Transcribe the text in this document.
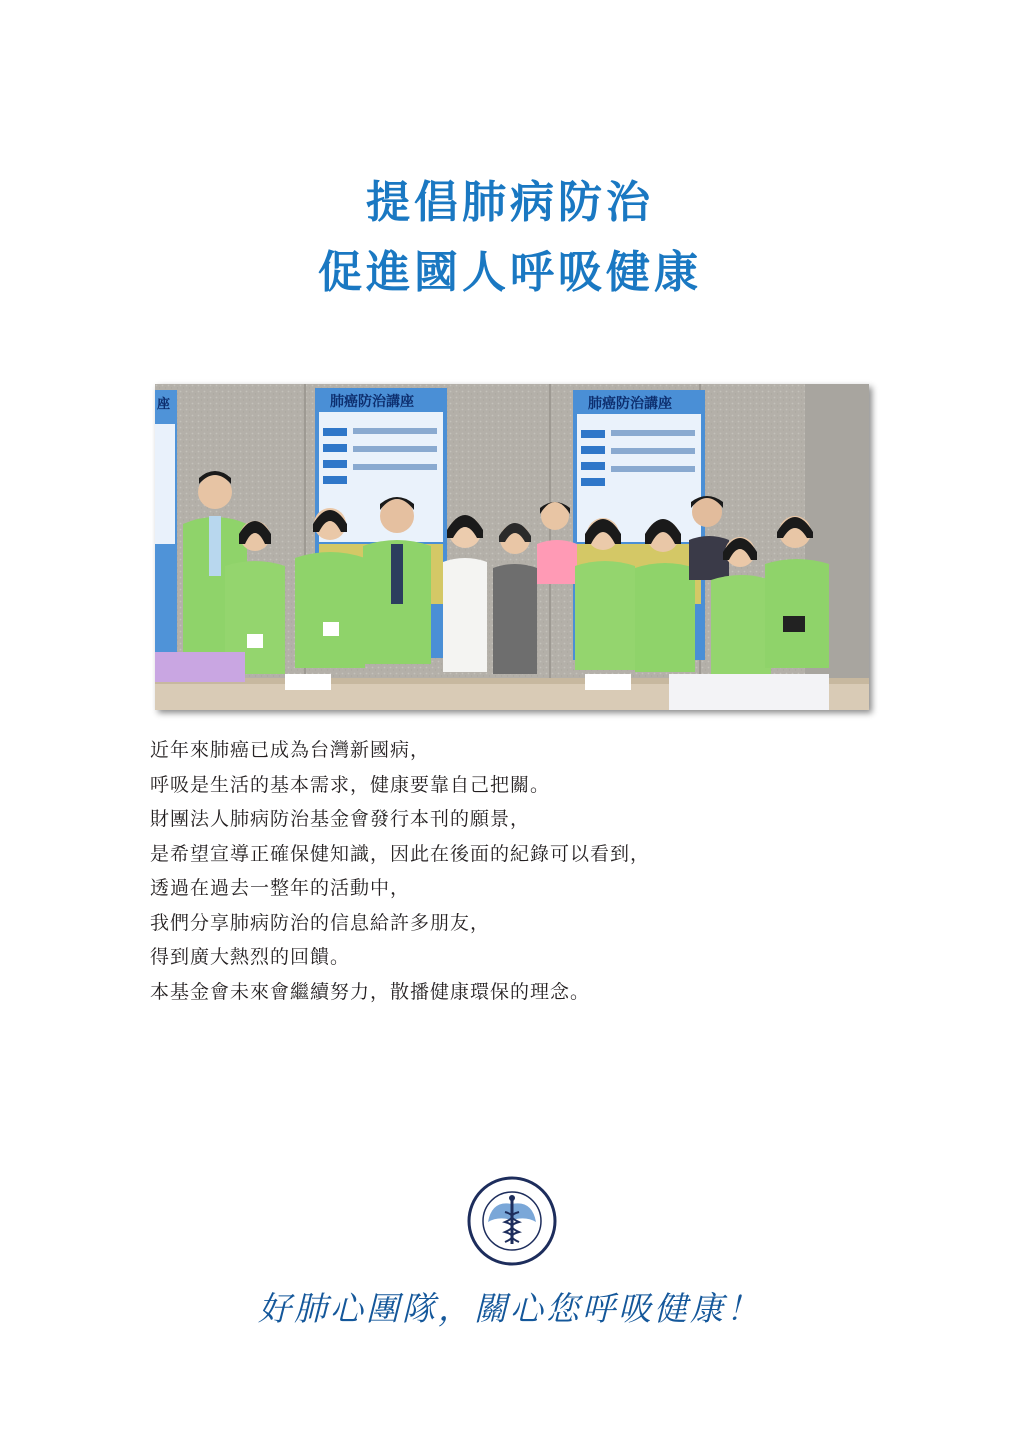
提倡肺病防治
促進國人呼吸健康
座	肺癌防治講座	肺癌防治講座
近年來肺癌已成為台灣新國病，
呼吸是生活的基本需求，健康要靠自己把關。
財團法人肺病防治基金會發行本刊的願景，
是希望宣導正確保健知識，因此在後面的紀錄可以看到，
透過在過去一整年的活動中，
我們分享肺病防治的信息給許多朋友，
得到廣大熱烈的回饋。
本基金會未來會繼續努力，散播健康環保的理念。
好肺心團隊，關心您呼吸健康！
